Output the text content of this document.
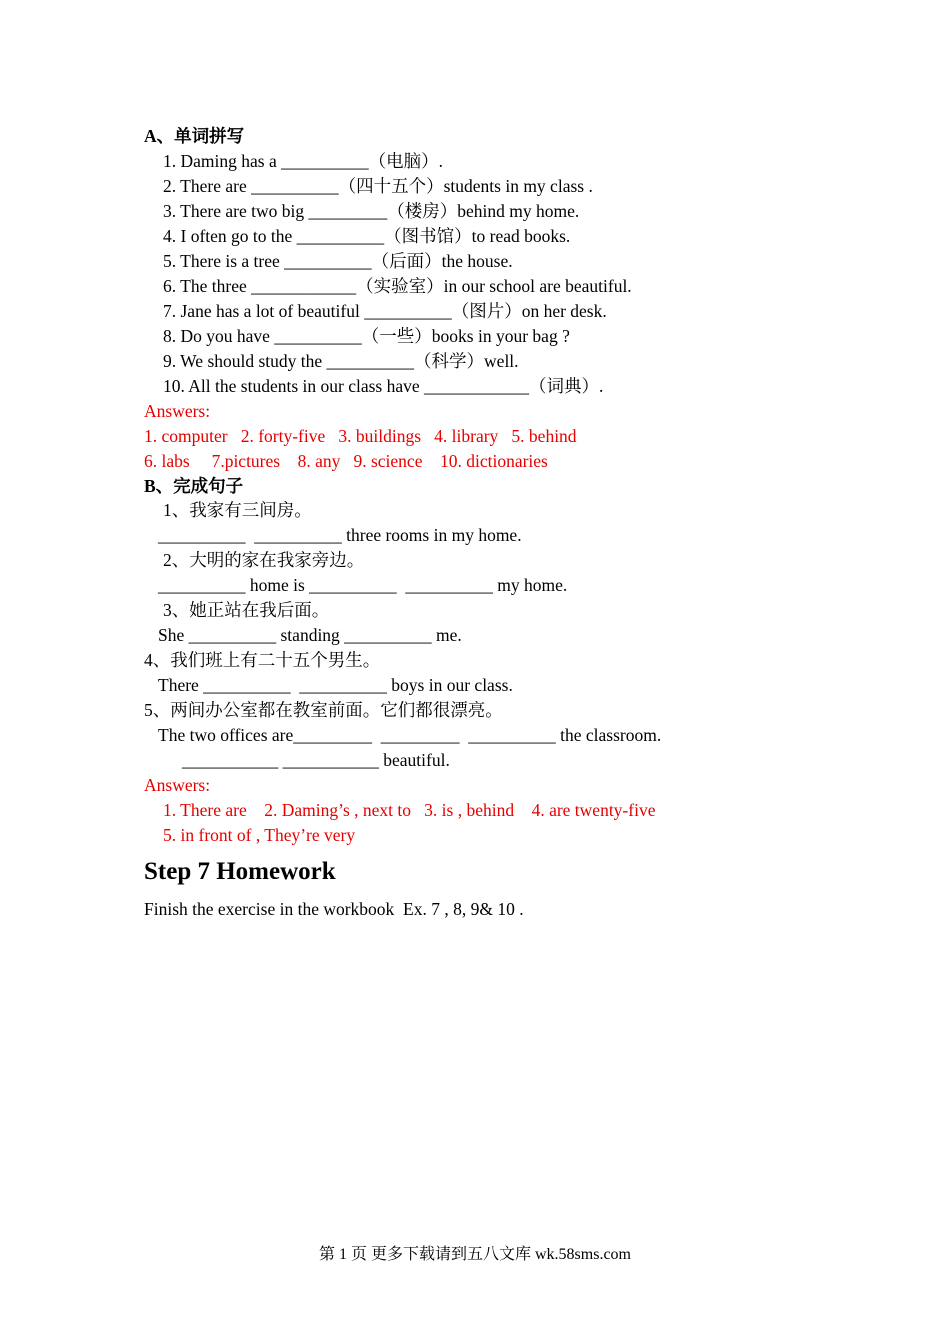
A、单词拼写
1. Daming has a __________（电脑）.
2. There are __________（四十五个）students in my class .
3. There are two big _________（楼房）behind my home.
4. I often go to the __________（图书馆）to read books.
5. There is a tree __________（后面）the house.
6. The three ____________（实验室）in our school are beautiful.
7. Jane has a lot of beautiful __________（图片）on her desk.
8. Do you have __________（一些）books in your bag ?
9. We should study the __________（科学）well.
10. All the students in our class have ____________（词典）.
Answers:
1. computer   2. forty-five   3. buildings   4. library   5. behind
6. labs     7.pictures    8. any   9. science    10. dictionaries
B、完成句子
1、我家有三间房。
__________  __________ three rooms in my home.
2、大明的家在我家旁边。
__________ home is __________  __________ my home.
3、她正站在我后面。
She __________ standing __________ me.
4、我们班上有二十五个男生。
There __________  __________ boys in our class.
5、两间办公室都在教室前面。它们都很漂亮。
The two offices are_________  _________  __________ the classroom.
___________ ___________ beautiful.
Answers:
1. There are    2. Daming’s , next to   3. is , behind    4. are twenty-five
5. in front of , They’re very
Step 7 Homework
Finish the exercise in the workbook  Ex. 7 , 8, 9& 10 .
第 1 页 更多下载请到五八文库 wk.58sms.com
